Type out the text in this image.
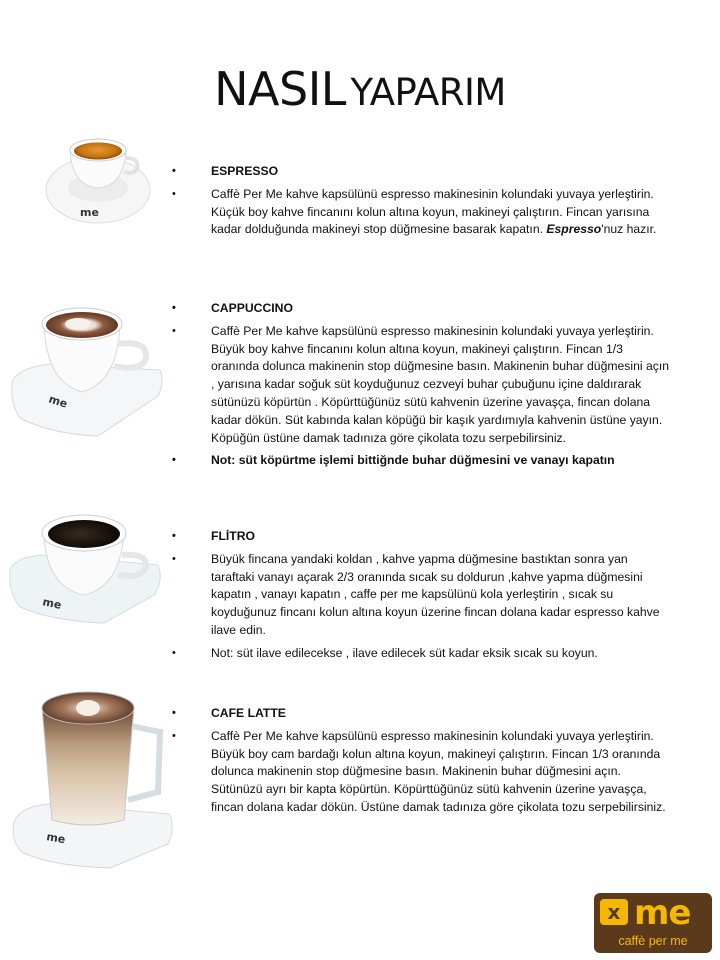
NASIL YAPARIM
me
me
me
me
•	ESPRESSO
•	Caffè Per Me kahve kapsülünü espresso makinesinin kolundaki yuvaya yerleştirin. Küçük boy kahve fincanını kolun altına koyun, makineyi çalıştırın. Fincan yarısına kadar dolduğunda makineyi stop düğmesine basarak kapatın. Espresso'nuz hazır.
•	CAPPUCCINO
•	Caffè Per Me kahve kapsülünü espresso makinesinin kolundaki yuvaya yerleştirin. Büyük boy kahve fincanını kolun altına koyun, makineyi çalıştırın. Fincan 1/3 oranında dolunca makinenin stop düğmesine basın. Makinenin buhar düğmesini açın , yarısına kadar soğuk süt koyduğunuz cezveyi buhar çubuğunu içine daldırarak sütünüzü köpürtün . Köpürttüğünüz sütü kahvenin üzerine yavaşça, fincan dolana kadar dökün. Süt kabında kalan köpüğü bir kaşık yardımıyla kahvenin üstüne yayın. Köpüğün üstüne damak tadınıza göre çikolata tozu serpebilirsiniz.
•	Not: süt köpürtme işlemi bittiğnde buhar düğmesini ve vanayı kapatın
•	FLİTRO
•	Büyük fincana yandaki koldan , kahve yapma düğmesine bastıktan sonra yan taraftaki vanayı açarak 2/3 oranında sıcak su doldurun ,kahve yapma düğmesini kapatın , vanayı kapatın , caffe per me kapsülünü kola yerleştirin , sıcak su koyduğunuz fincanı kolun altına koyun üzerine fincan dolana kadar espresso kahve ilave edin.
•	Not: süt ilave edilecekse , ilave edilecek süt kadar eksik sıcak su koyun.
•	CAFE LATTE
•	Caffè Per Me kahve kapsülünü espresso makinesinin kolundaki yuvaya yerleştirin. Büyük boy cam bardağı kolun altına koyun, makineyi çalıştırın. Fincan 1/3 oranında dolunca makinenin stop düğmesine basın. Makinenin buhar düğmesini açın. Sütünüzü ayrı bir kapta köpürtün. Köpürttüğünüz sütü kahvenin üzerine yavaşça, fincan dolana kadar dökün. Üstüne damak tadınıza göre çikolata tozu serpebilirsiniz.
x me
caffè per me
